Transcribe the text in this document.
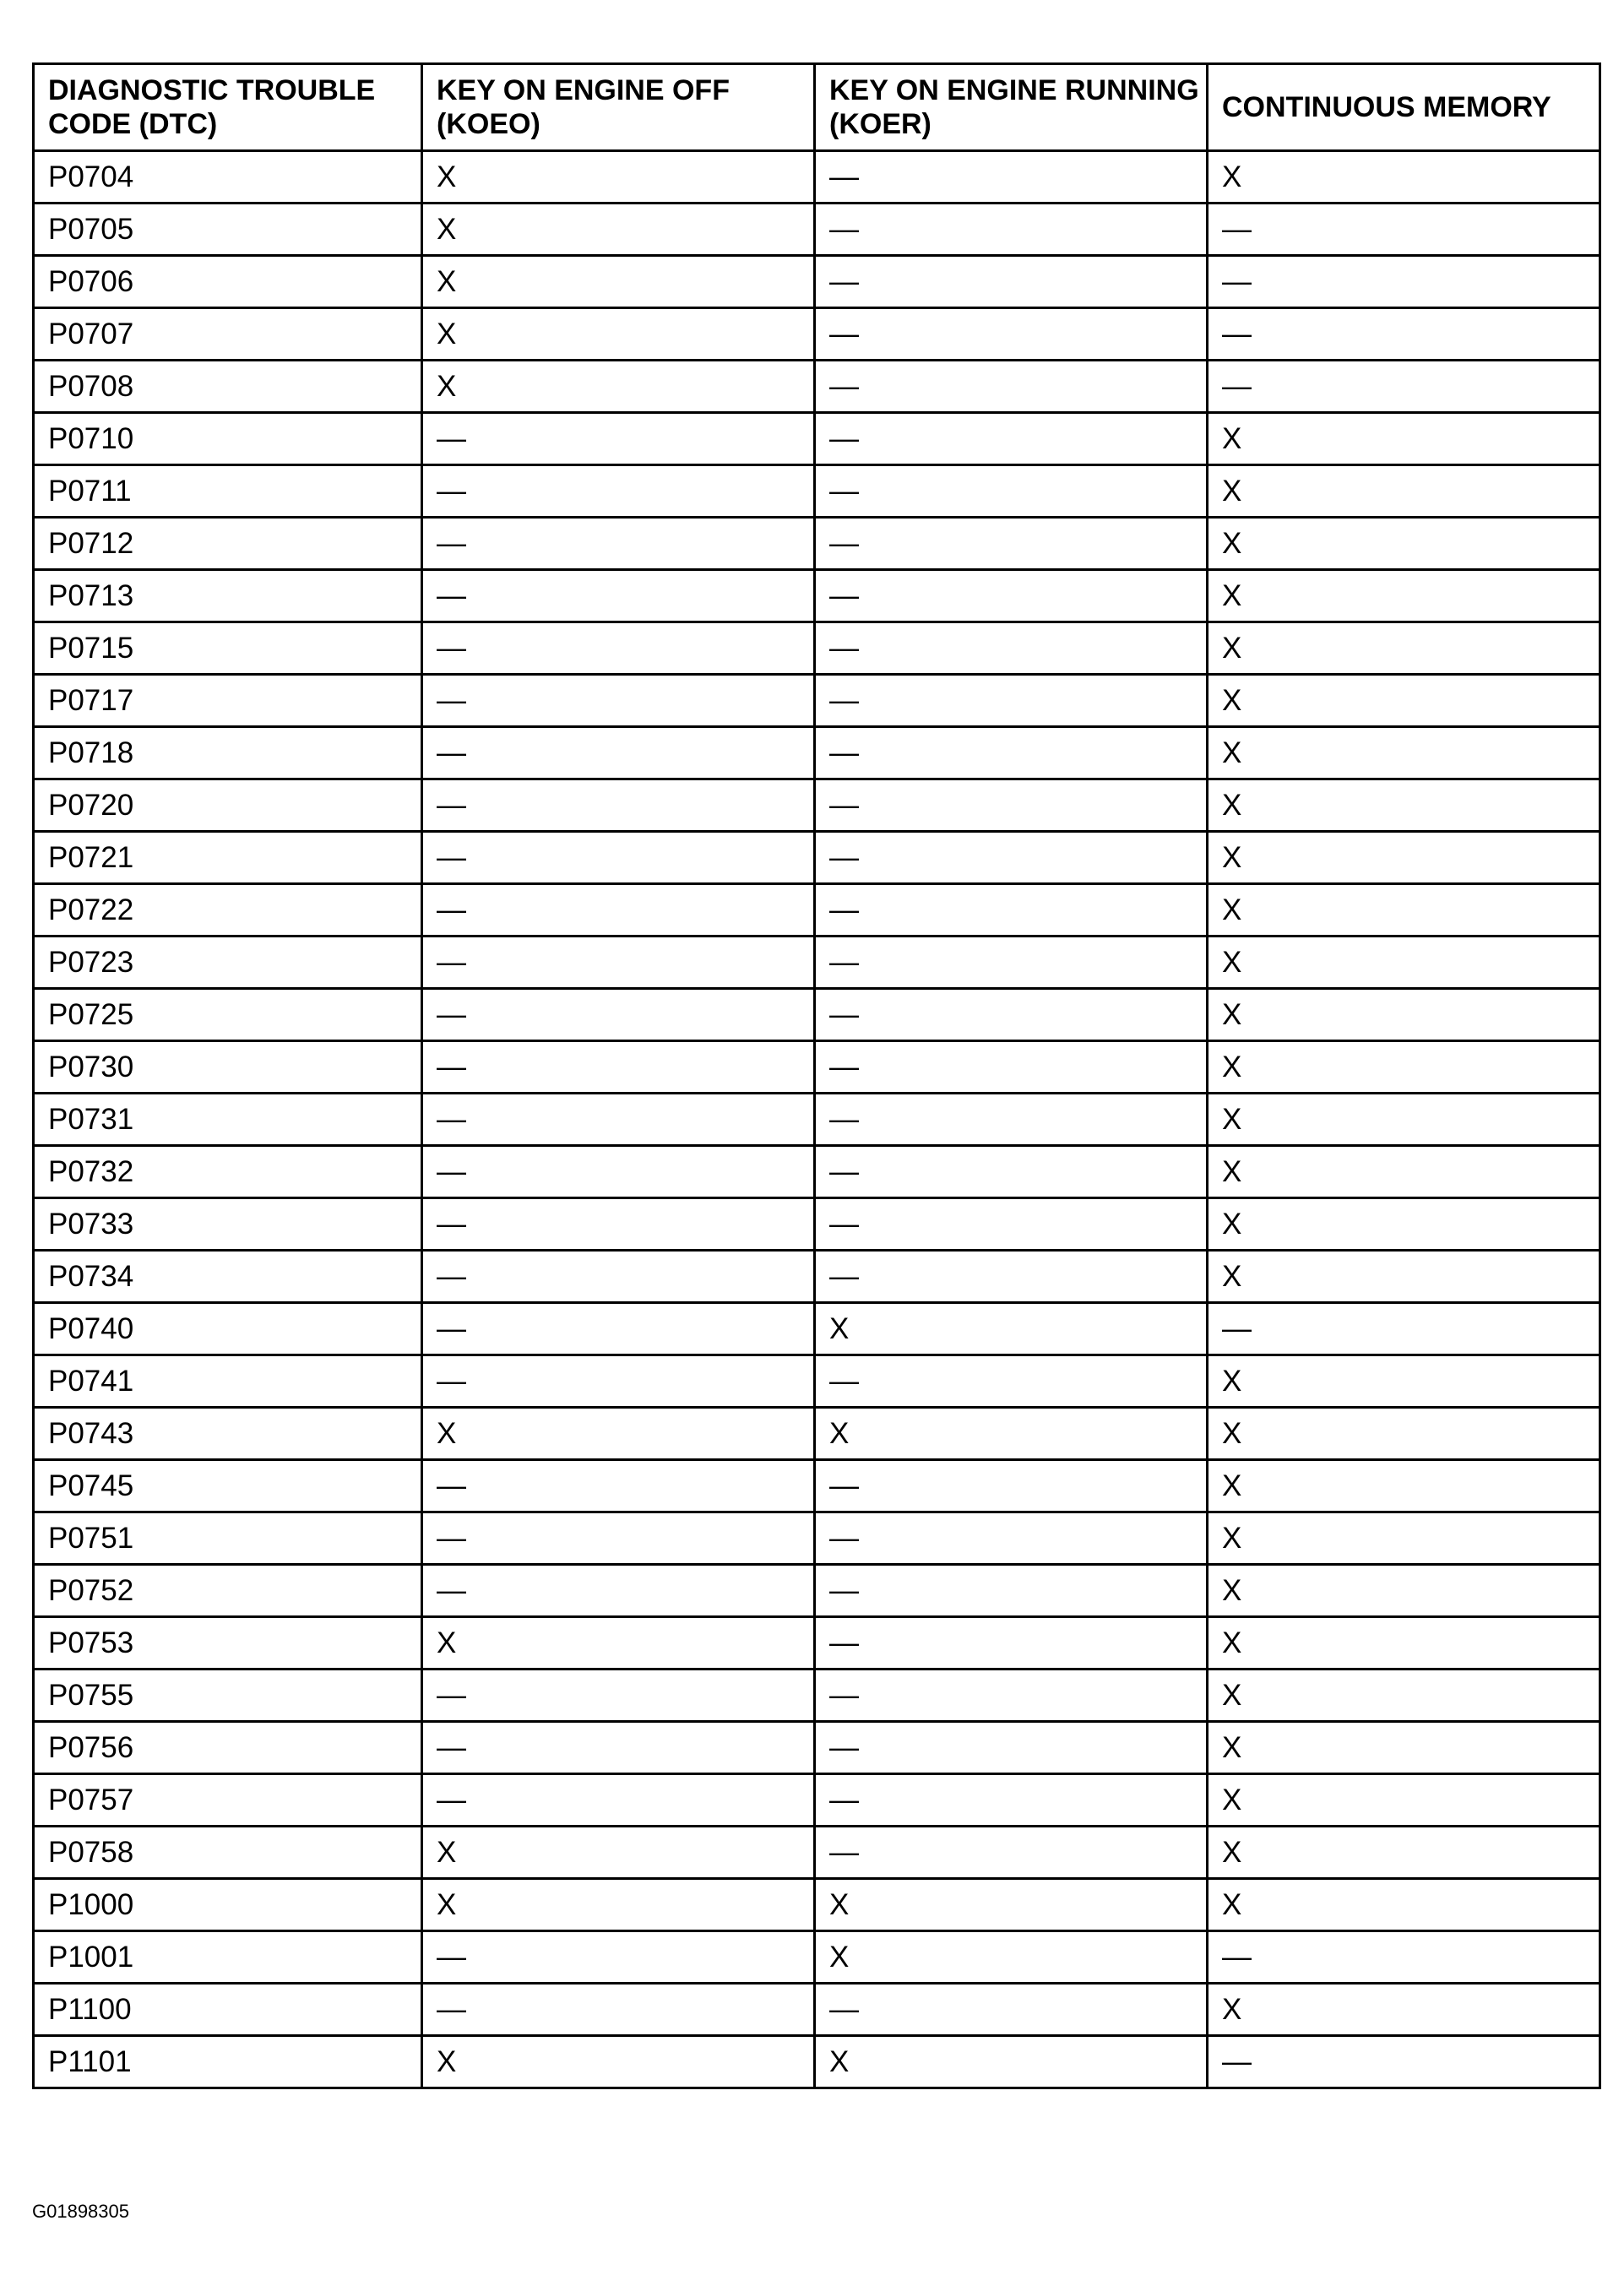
DIAGNOSTIC TROUBLE CODE (DTC)	KEY ON ENGINE OFF (KOEO)	KEY ON ENGINE RUNNING (KOER)	CONTINUOUS MEMORY
P0704	X	—	X
P0705	X	—	—
P0706	X	—	—
P0707	X	—	—
P0708	X	—	—
P0710	—	—	X
P0711	—	—	X
P0712	—	—	X
P0713	—	—	X
P0715	—	—	X
P0717	—	—	X
P0718	—	—	X
P0720	—	—	X
P0721	—	—	X
P0722	—	—	X
P0723	—	—	X
P0725	—	—	X
P0730	—	—	X
P0731	—	—	X
P0732	—	—	X
P0733	—	—	X
P0734	—	—	X
P0740	—	X	—
P0741	—	—	X
P0743	X	X	X
P0745	—	—	X
P0751	—	—	X
P0752	—	—	X
P0753	X	—	X
P0755	—	—	X
P0756	—	—	X
P0757	—	—	X
P0758	X	—	X
P1000	X	X	X
P1001	—	X	—
P1100	—	—	X
P1101	X	X	—
G01898305
